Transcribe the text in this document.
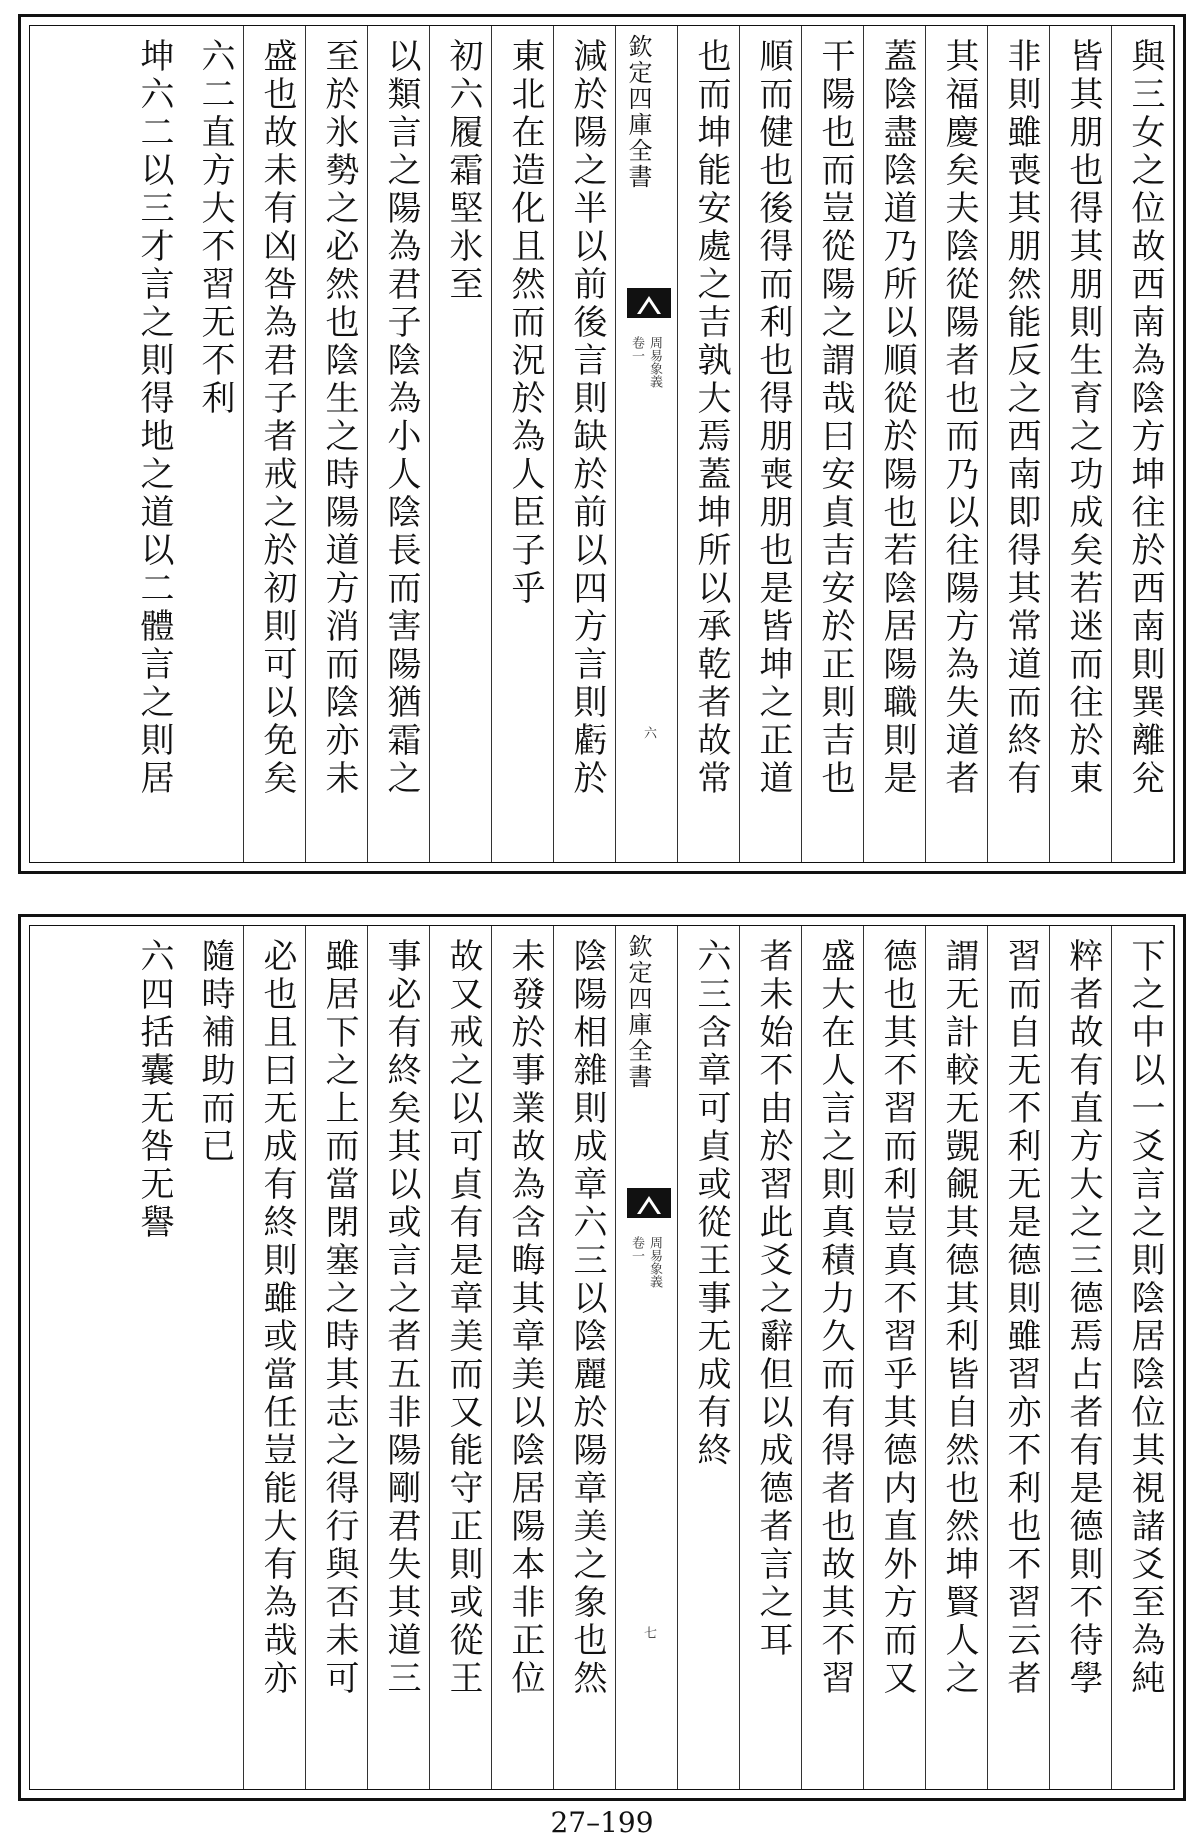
與三女之位故西南為陰方坤往於西南則巽離兊
皆其朋也得其朋則生育之功成矣若迷而往於東
非則雖喪其朋然能反之西南即得其常道而終有
其福慶矣夫陰從陽者也而乃以往陽方為失道者
蓋陰盡陰道乃所以順從於陽也若陰居陽職則是
干陽也而豈從陽之謂哉曰安貞吉安於正則吉也
順而健也後得而利也得朋喪朋也是皆坤之正道
也而坤能安處之吉孰大焉蓋坤所以承乾者故常
欽定四庫全書
周易象義
卷一
六
減於陽之半以前後言則缺於前以四方言則虧於
東北在造化且然而況於為人臣子乎
初六履霜堅氷至
以類言之陽為君子陰為小人陰長而害陽猶霜之
至於氷勢之必然也陰生之時陽道方消而陰亦未
盛也故未有凶咎為君子者戒之於初則可以免矣
六二直方大不習无不利
坤六二以三才言之則得地之道以二體言之則居
下之中以一爻言之則陰居陰位其視諸爻至為純
粹者故有直方大之三德焉占者有是德則不待學
習而自无不利无是德則雖習亦不利也不習云者
謂无計較无覬覦其德其利皆自然也然坤賢人之
德也其不習而利豈真不習乎其德内直外方而又
盛大在人言之則真積力久而有得者也故其不習
者未始不由於習此爻之辭但以成德者言之耳
六三含章可貞或從王事无成有終
欽定四庫全書
周易象義
卷一
七
陰陽相雜則成章六三以陰麗於陽章美之象也然
未發於事業故為含晦其章美以陰居陽本非正位
故又戒之以可貞有是章美而又能守正則或從王
事必有終矣其以或言之者五非陽剛君失其道三
雖居下之上而當閉塞之時其志之得行與否未可
必也且曰无成有終則雖或當任豈能大有為哉亦
隨時補助而已
六四括囊无咎无譽
27–199
